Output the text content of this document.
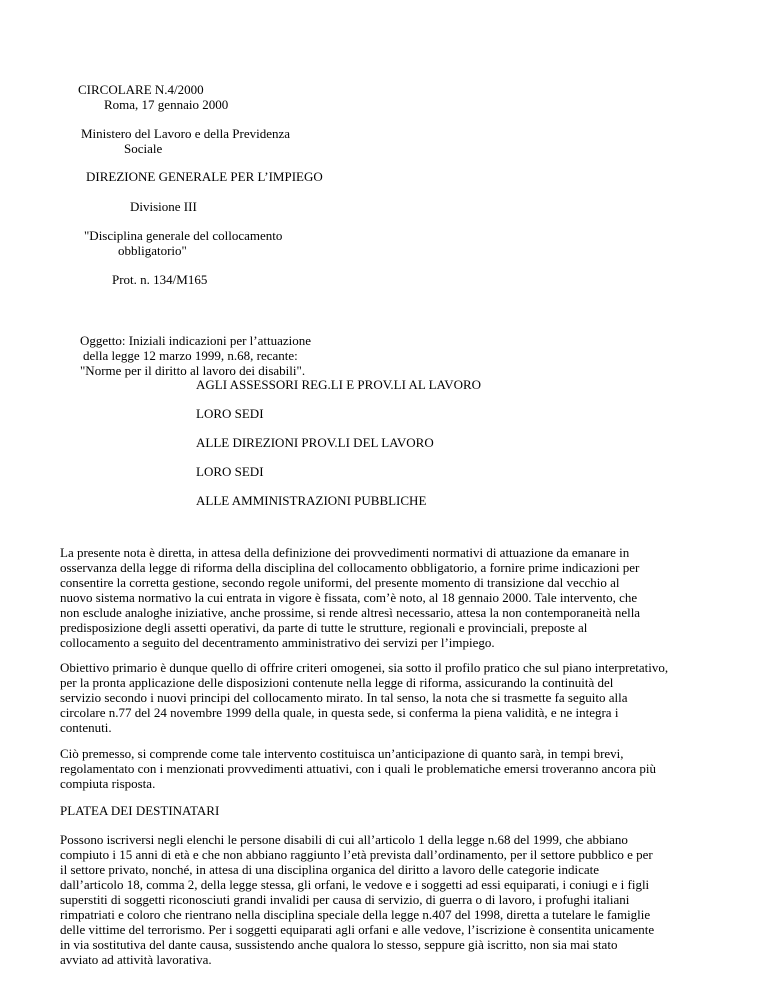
CIRCOLARE N.4/2000
Roma, 17 gennaio 2000
Ministero del Lavoro e della Previdenza
Sociale
DIREZIONE GENERALE PER L’IMPIEGO
Divisione III
"Disciplina generale del collocamento
obbligatorio"
Prot. n. 134/M165
Oggetto: Iniziali indicazioni per l’attuazione
della legge 12 marzo 1999, n.68, recante:
"Norme per il diritto al lavoro dei disabili".
AGLI ASSESSORI REG.LI E PROV.LI AL LAVORO
LORO SEDI
ALLE DIREZIONI PROV.LI DEL LAVORO
LORO SEDI
ALLE AMMINISTRAZIONI PUBBLICHE
La presente nota è diretta, in attesa della definizione dei provvedimenti normativi di attuazione da emanare in
osservanza della legge di riforma della disciplina del collocamento obbligatorio, a fornire prime indicazioni per
consentire la corretta gestione, secondo regole uniformi, del presente momento di transizione dal vecchio al
nuovo sistema normativo la cui entrata in vigore è fissata, com’è noto, al 18 gennaio 2000. Tale intervento, che
non esclude analoghe iniziative, anche prossime, si rende altresì necessario, attesa la non contemporaneità nella
predisposizione degli assetti operativi, da parte di tutte le strutture, regionali e provinciali, preposte al
collocamento a seguito del decentramento amministrativo dei servizi per l’impiego.
Obiettivo primario è dunque quello di offrire criteri omogenei, sia sotto il profilo pratico che sul piano interpretativo,
per la pronta applicazione delle disposizioni contenute nella legge di riforma, assicurando la continuità del
servizio secondo i nuovi principi del collocamento mirato. In tal senso, la nota che si trasmette fa seguito alla
circolare n.77 del 24 novembre 1999 della quale, in questa sede, si conferma la piena validità, e ne integra i
contenuti.
Ciò premesso, si comprende come tale intervento costituisca un’anticipazione di quanto sarà, in tempi brevi,
regolamentato con i menzionati provvedimenti attuativi, con i quali le problematiche emersi troveranno ancora più
compiuta risposta.
PLATEA DEI DESTINATARI
Possono iscriversi negli elenchi le persone disabili di cui all’articolo 1 della legge n.68 del 1999, che abbiano
compiuto i 15 anni di età e che non abbiano raggiunto l’età prevista dall’ordinamento, per il settore pubblico e per
il settore privato, nonché, in attesa di una disciplina organica del diritto a lavoro delle categorie indicate
dall’articolo 18, comma 2, della legge stessa, gli orfani, le vedove e i soggetti ad essi equiparati, i coniugi e i figli
superstiti di soggetti riconosciuti grandi invalidi per causa di servizio, di guerra o di lavoro, i profughi italiani
rimpatriati e coloro che rientrano nella disciplina speciale della legge n.407 del 1998, diretta a tutelare le famiglie
delle vittime del terrorismo. Per i soggetti equiparati agli orfani e alle vedove, l’iscrizione è consentita unicamente
in via sostitutiva del dante causa, sussistendo anche qualora lo stesso, seppure già iscritto, non sia mai stato
avviato ad attività lavorativa.
